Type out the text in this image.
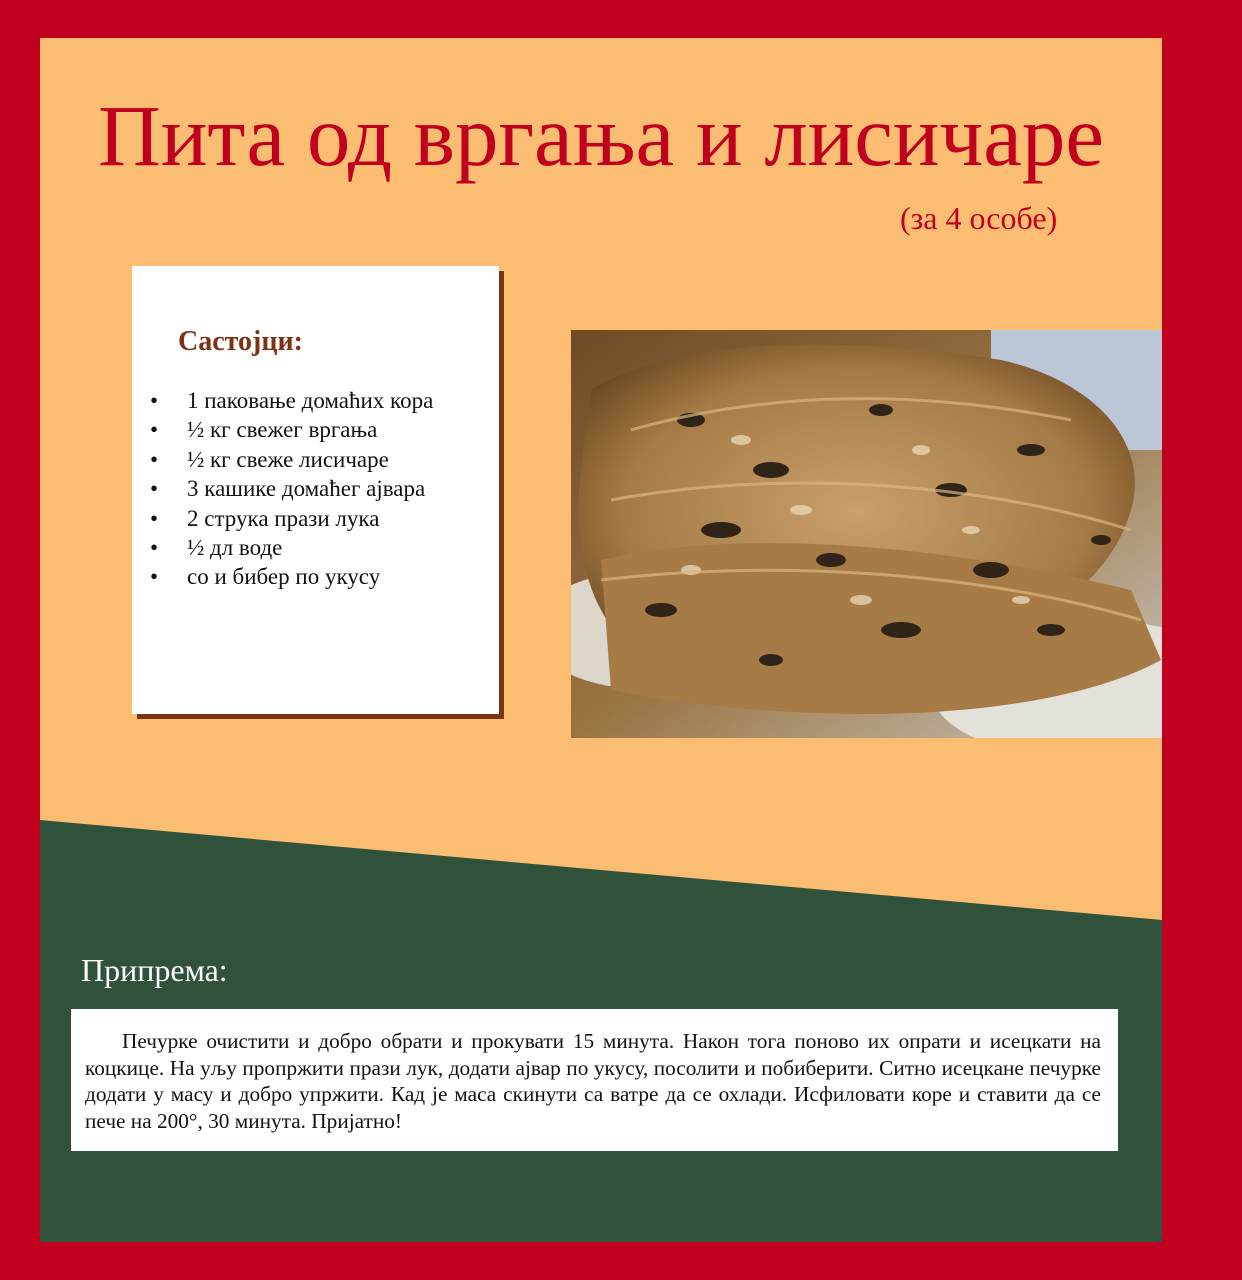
Пита од вргања и лисичаре
(за 4 особе)
Састојци:
• 1 паковање домаћих кора
• ½ кг свежег вргања
• ½ кг свеже лисичаре
• 3 кашике домаћег ајвара
• 2 струка прази лука
• ½ дл воде
• со и бибер по укусу
Припрема:
Печурке очистити и добро обрати и прокувати 15 минута. Након тога поново их опрати и исецкати на коцкице. На уљу пропржити прази лук, додати ајвар по укусу, посолити и побиберити. Ситно исецкане печурке додати у масу и добро упржити. Кад је маса скинути са ватре да се охлади. Исфиловати коре и ставити да се пече на 200°, 30 минута. Пријатно!
